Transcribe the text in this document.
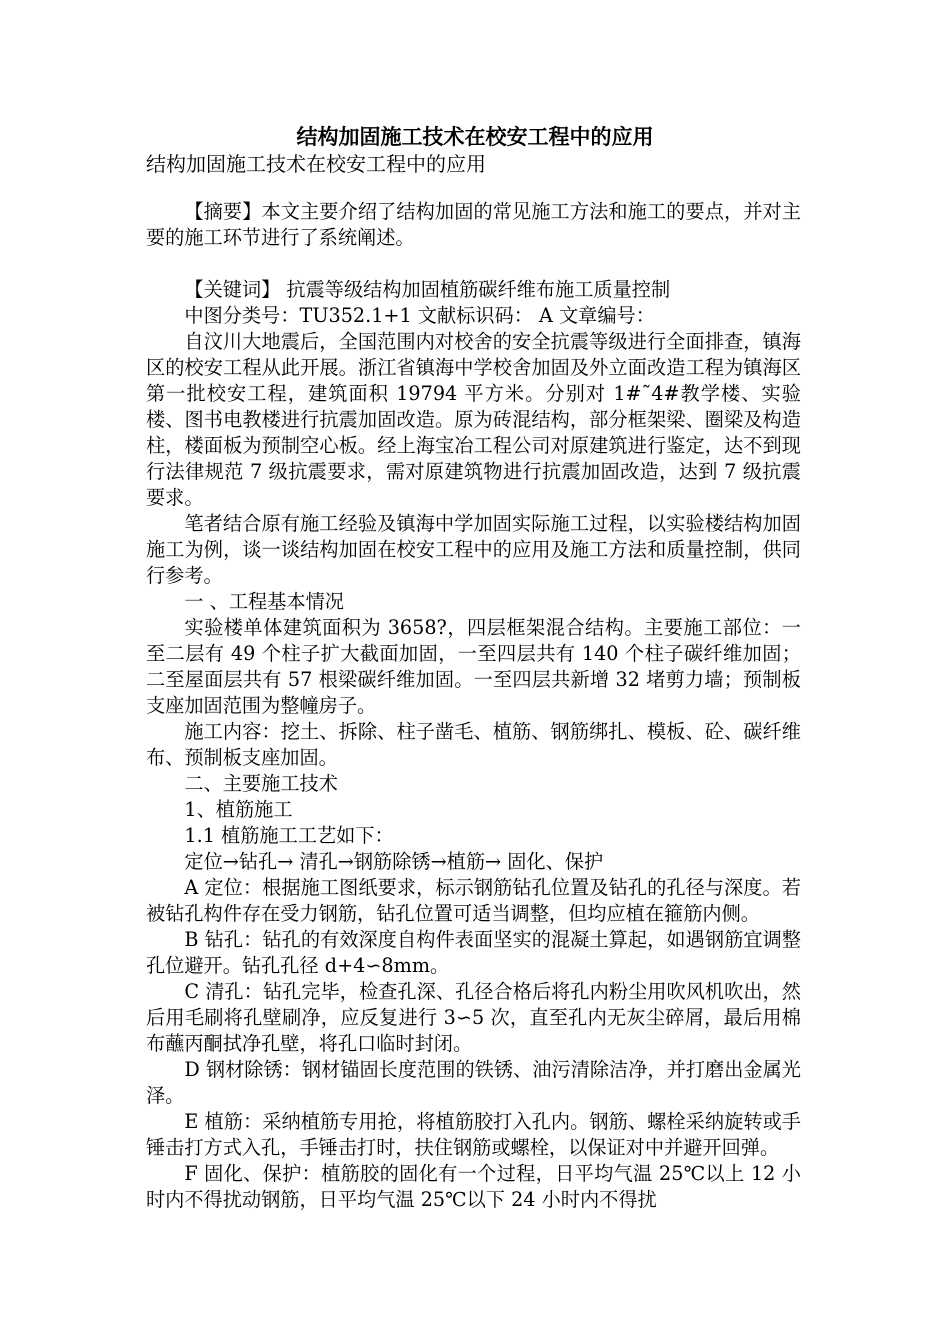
结构加固施工技术在校安工程中的应用
结构加固施工技术在校安工程中的应用

【摘要】本文主要介绍了结构加固的常见施工方法和施工的要点，并对主要的施工环节进行了系统阐述。

【关键词】 抗震等级结构加固植筋碳纤维布施工质量控制

中图分类号：TU352.1+1 文献标识码： A 文章编号：

自汶川大地震后，全国范围内对校舍的安全抗震等级进行全面排查，镇海区的校安工程从此开展。浙江省镇海中学校舍加固及外立面改造工程为镇海区第一批校安工程，建筑面积 19794 平方米。分别对 1#˜4#教学楼、实验楼、图书电教楼进行抗震加固改造。原为砖混结构，部分框架梁、圈梁及构造柱，楼面板为预制空心板。经上海宝冶工程公司对原建筑进行鉴定，达不到现行法律规范 7 级抗震要求，需对原建筑物进行抗震加固改造，达到 7 级抗震要求。

笔者结合原有施工经验及镇海中学加固实际施工过程，以实验楼结构加固施工为例，谈一谈结构加固在校安工程中的应用及施工方法和质量控制，供同行参考。

一 、工程基本情况

实验楼单体建筑面积为 3658?，四层框架混合结构。主要施工部位：一至二层有 49 个柱子扩大截面加固，一至四层共有 140 个柱子碳纤维加固；二至屋面层共有 57 根梁碳纤维加固。一至四层共新增 32 堵剪力墙；预制板支座加固范围为整幢房子。

施工内容：挖土、拆除、柱子凿毛、植筋、钢筋绑扎、模板、砼、碳纤维布、预制板支座加固。

二、主要施工技术

1、植筋施工

1.1 植筋施工工艺如下：

定位→钻孔→ 清孔→钢筋除锈→植筋→ 固化、保护

A 定位：根据施工图纸要求，标示钢筋钻孔位置及钻孔的孔径与深度。若被钻孔构件存在受力钢筋，钻孔位置可适当调整，但均应植在箍筋内侧。

B 钻孔：钻孔的有效深度自构件表面坚实的混凝土算起，如遇钢筋宜调整孔位避开。钻孔孔径 d+4∽8mm。

C 清孔：钻孔完毕，检查孔深、孔径合格后将孔内粉尘用吹风机吹出，然后用毛刷将孔壁刷净，应反复进行 3∽5 次，直至孔内无灰尘碎屑，最后用棉布蘸丙酮拭净孔壁，将孔口临时封闭。

D 钢材除锈：钢材锚固长度范围的铁锈、油污清除洁净，并打磨出金属光泽。

E 植筋：采纳植筋专用抢，将植筋胶打入孔内。钢筋、螺栓采纳旋转或手锤击打方式入孔，手锤击打时，扶住钢筋或螺栓，以保证对中并避开回弹。

F 固化、保护：植筋胶的固化有一个过程，日平均气温 25℃以上 12 小时内不得扰动钢筋，日平均气温 25℃以下 24 小时内不得扰
